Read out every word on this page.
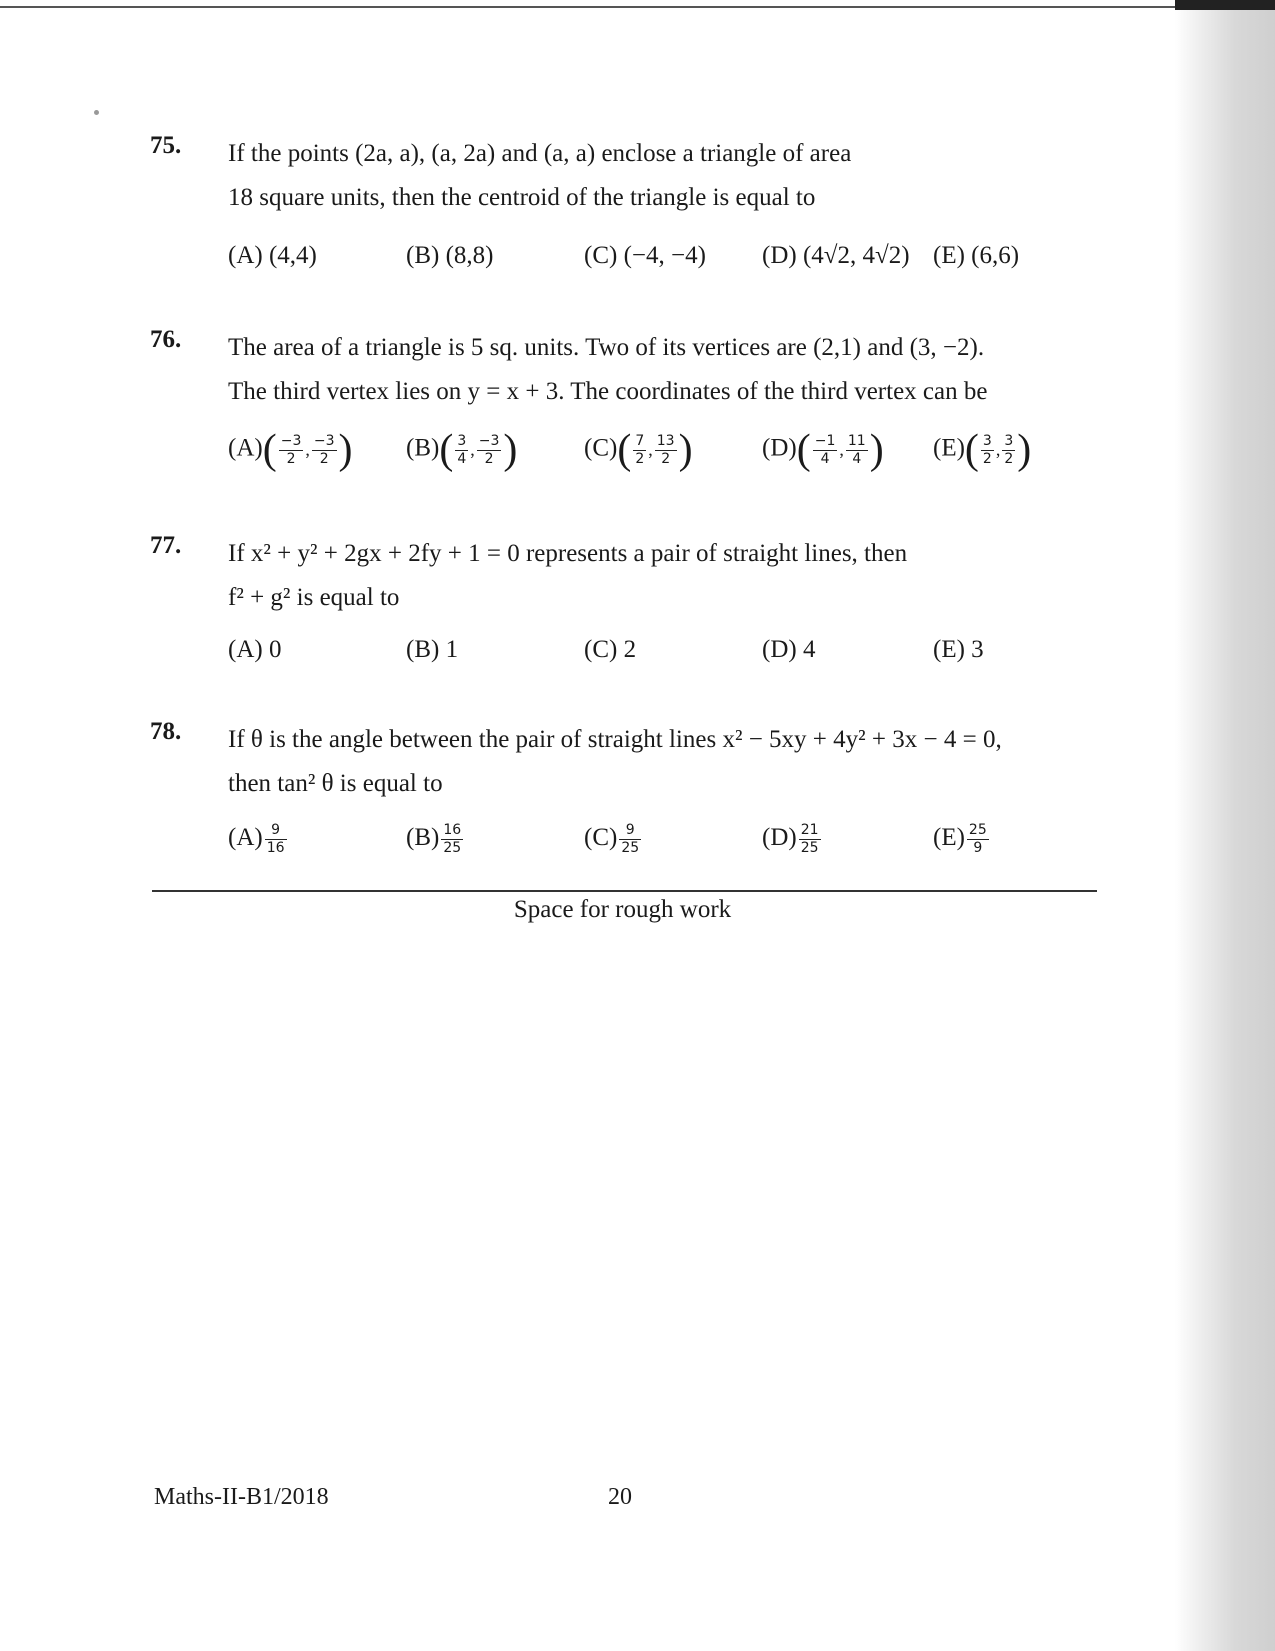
75. If the points (2a, a), (a, 2a) and (a, a) enclose a triangle of area
18 square units, then the centroid of the triangle is equal to
(A) (4,4)	(B) (8,8)	(C) (−4, −4) (D) (4√2, 4√2) (E) (6,6)
76. The area of a triangle is 5 sq. units. Two of its vertices are (2,1) and (3, −2).
The third vertex lies on y = x + 3. The coordinates of the third vertex can be
$(A)( \frac{-3}{2}$ , $\frac{-3}{2}$ ) $(B)( \frac{3}{4}$ , $\frac{-3}{2}$ )	$(C)( \frac{7}{2}$ , $\frac{13}{2}$ )	$(D)( \frac{-1}{4}$ , $\frac{11}{4}$ ) $(E)( \frac{3}{2}$ , $\frac{3}{2}$ )
77. If x² + y² + 2gx + 2fy + 1 = 0 represents a pair of straight lines, then
f² + g² is equal to
(A) 0	(B) 1	(C) 2	(D) 4	(E) 3
78. If θ is the angle between the pair of straight lines x² − 5xy + 4y² + 3x − 4 = 0,
then tan² θ is equal to
$(A) \frac{9}{16}$	$(B) \frac{16}{25}$	$(C) \frac{9}{25}$	$(D) \frac{21}{25}$	$(E) \frac{25}{9}$
Space for rough work
Maths-II-B1/2018	20
